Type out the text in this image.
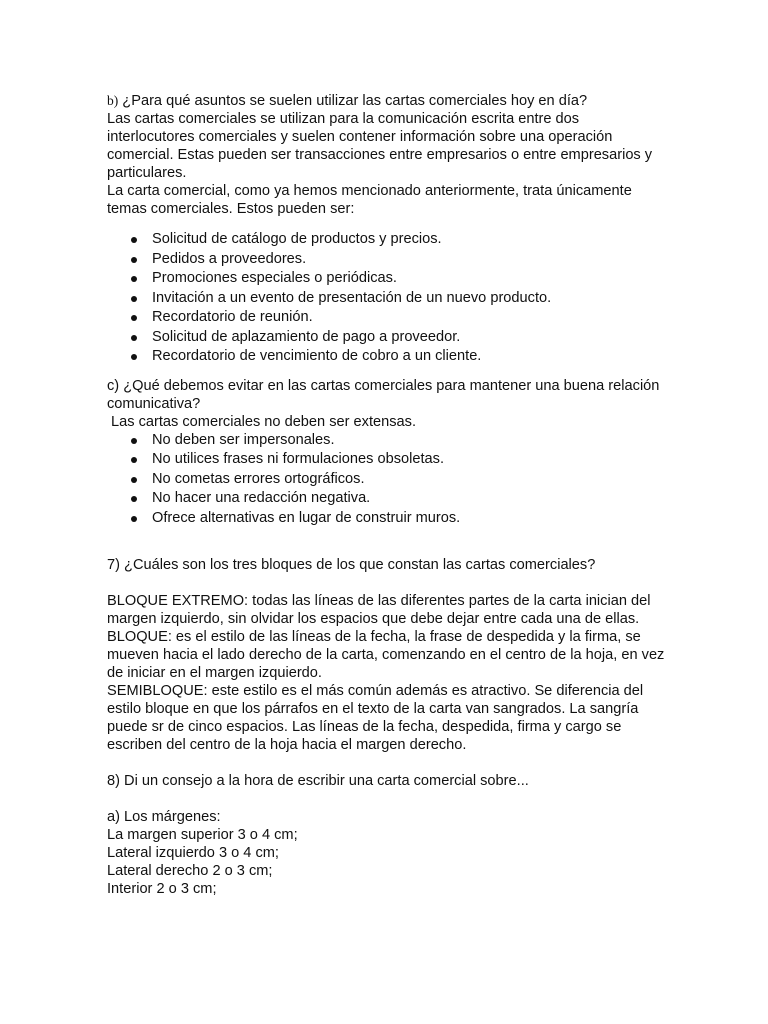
b) ¿Para qué asuntos se suelen utilizar las cartas comerciales hoy en día?

Las cartas comerciales se utilizan para la comunicación escrita entre dos interlocutores comerciales y suelen contener información sobre una operación comercial. Estas pueden ser transacciones entre empresarios o entre empresarios y particulares.

La carta comercial, como ya hemos mencionado anteriormente, trata únicamente temas comerciales. Estos pueden ser:

Solicitud de catálogo de productos y precios.
Pedidos a proveedores.
Promociones especiales o periódicas.
Invitación a un evento de presentación de un nuevo producto.
Recordatorio de reunión.
Solicitud de aplazamiento de pago a proveedor.
Recordatorio de vencimiento de cobro a un cliente.

c) ¿Qué debemos evitar en las cartas comerciales para mantener una buena relación comunicativa?

Las cartas comerciales no deben ser extensas.

No deben ser impersonales.
No utilices frases ni formulaciones obsoletas.
No cometas errores ortográficos.
No hacer una redacción negativa.
Ofrece alternativas en lugar de construir muros.

7) ¿Cuáles son los tres bloques de los que constan las cartas comerciales?

BLOQUE EXTREMO: todas las líneas de las diferentes partes de la carta inician del margen izquierdo, sin olvidar los espacios que debe dejar entre cada una de ellas.

BLOQUE: es el estilo de las líneas de la fecha, la frase de despedida y la firma, se mueven hacia el lado derecho de la carta, comenzando en el centro de la hoja, en vez de iniciar en el margen izquierdo.

SEMIBLOQUE: este estilo es el más común además es atractivo. Se diferencia del estilo bloque en que los párrafos en el texto de la carta van sangrados. La sangría puede sr de cinco espacios. Las líneas de la fecha, despedida, firma y cargo se escriben del centro de la hoja hacia el margen derecho.

8) Di un consejo a la hora de escribir una carta comercial sobre...

a) Los márgenes:

La margen superior 3 o 4 cm;

Lateral izquierdo 3 o 4 cm;

Lateral derecho 2 o 3 cm;

Interior 2 o 3 cm;
